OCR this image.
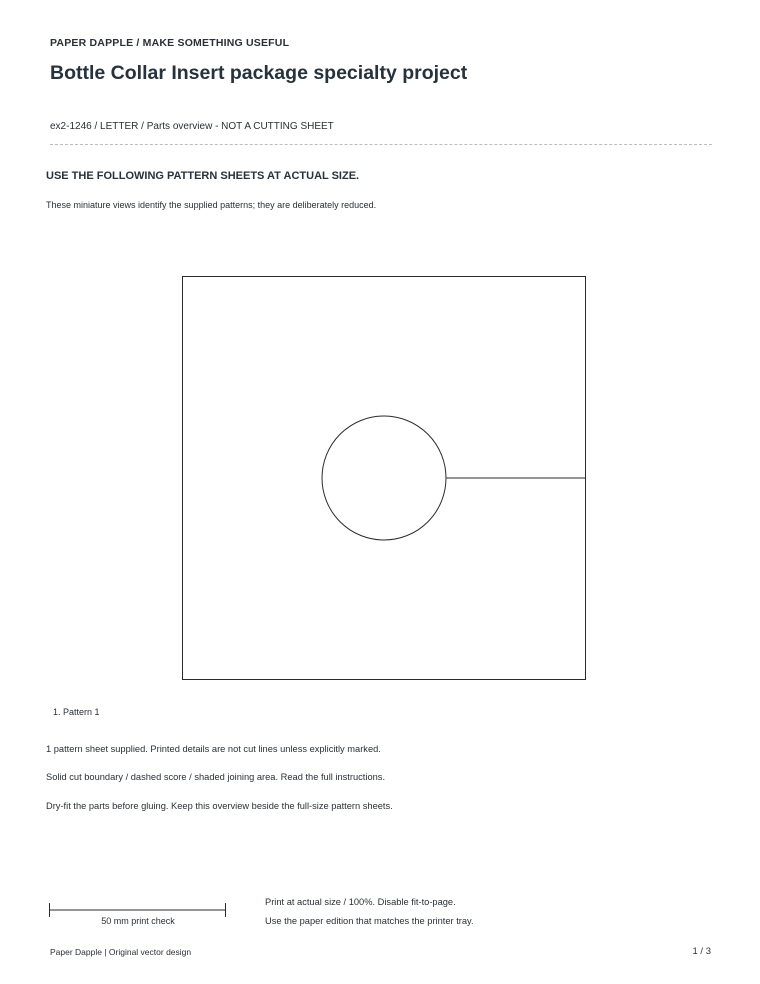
PAPER DAPPLE / MAKE SOMETHING USEFUL
Bottle Collar Insert package specialty project
ex2-1246 / LETTER / Parts overview - NOT A CUTTING SHEET
USE THE FOLLOWING PATTERN SHEETS AT ACTUAL SIZE.
These miniature views identify the supplied patterns; they are deliberately reduced.
1. Pattern 1
1 pattern sheet supplied. Printed details are not cut lines unless explicitly marked.
Solid cut boundary / dashed score / shaded joining area. Read the full instructions.
Dry-fit the parts before gluing. Keep this overview beside the full-size pattern sheets.
50 mm print check
Print at actual size / 100%. Disable fit-to-page.
Use the paper edition that matches the printer tray.
Paper Dapple | Original vector design	1 / 3
